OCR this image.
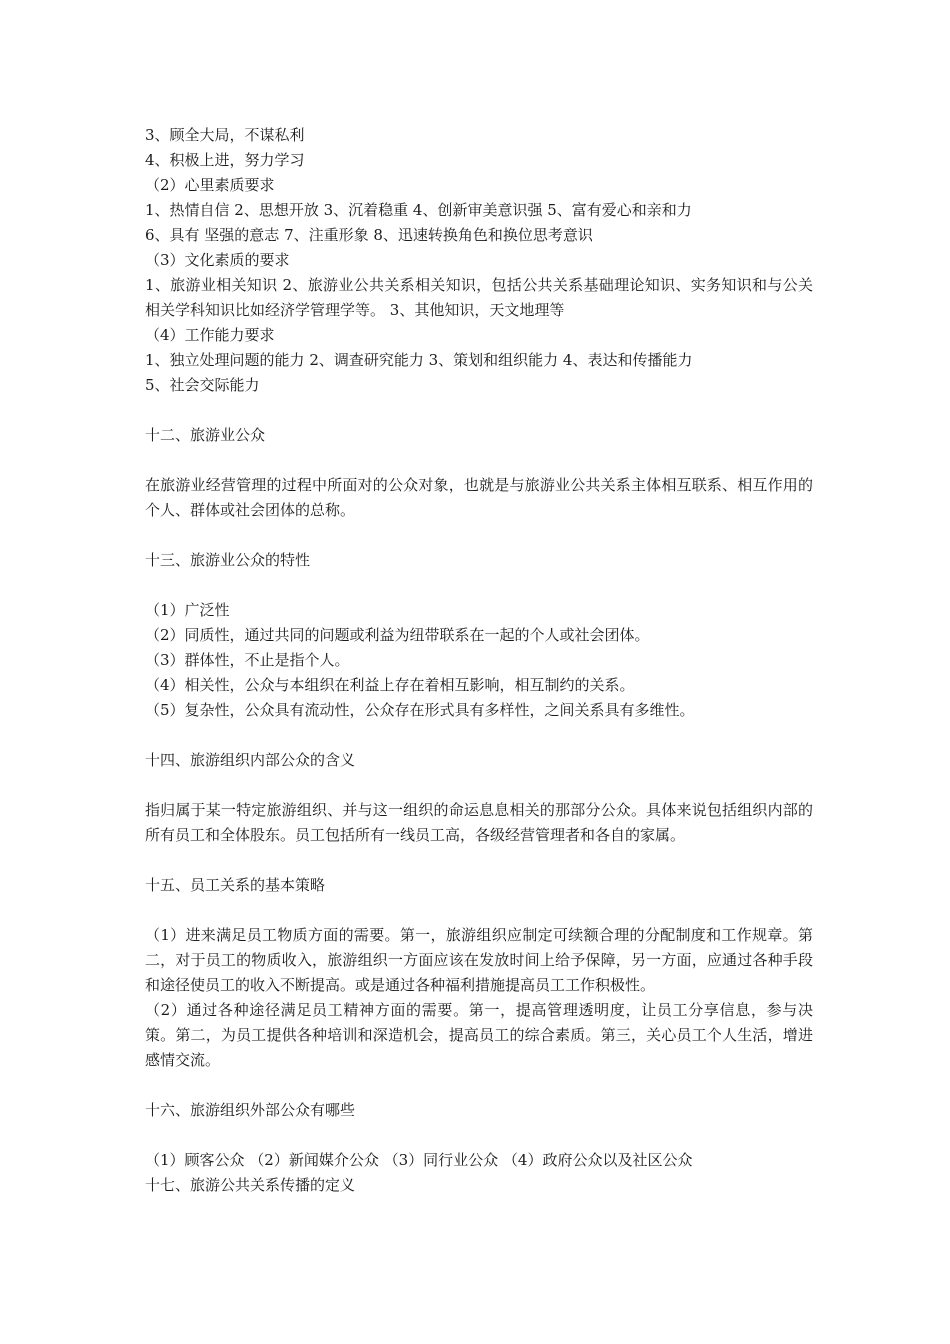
3、顾全大局，不谋私利
4、积极上进，努力学习
（2）心里素质要求
1、热情自信 2、思想开放 3、沉着稳重 4、创新审美意识强 5、富有爱心和亲和力
6、具有 坚强的意志 7、注重形象 8、迅速转换角色和换位思考意识
（3）文化素质的要求
1、旅游业相关知识 2、旅游业公共关系相关知识，包括公共关系基础理论知识、实务知识和与公关相关学科知识比如经济学管理学等。 3、其他知识，天文地理等
（4）工作能力要求
1、独立处理问题的能力 2、调查研究能力 3、策划和组织能力 4、表达和传播能力
5、社会交际能力
十二、旅游业公众
在旅游业经营管理的过程中所面对的公众对象，也就是与旅游业公共关系主体相互联系、相互作用的个人、群体或社会团体的总称。
十三、旅游业公众的特性
（1）广泛性
（2）同质性，通过共同的问题或利益为纽带联系在一起的个人或社会团体。
（3）群体性，不止是指个人。
（4）相关性，公众与本组织在利益上存在着相互影响，相互制约的关系。
（5）复杂性，公众具有流动性，公众存在形式具有多样性，之间关系具有多维性。
十四、旅游组织内部公众的含义
指归属于某一特定旅游组织、并与这一组织的命运息息相关的那部分公众。具体来说包括组织内部的所有员工和全体股东。员工包括所有一线员工高，各级经营管理者和各自的家属。
十五、员工关系的基本策略
（1）进来满足员工物质方面的需要。第一，旅游组织应制定可续额合理的分配制度和工作规章。第二，对于员工的物质收入，旅游组织一方面应该在发放时间上给予保障，另一方面，应通过各种手段和途径使员工的收入不断提高。或是通过各种福利措施提高员工工作积极性。
（2）通过各种途径满足员工精神方面的需要。第一，提高管理透明度，让员工分享信息，参与决策。第二，为员工提供各种培训和深造机会，提高员工的综合素质。第三，关心员工个人生活，增进感情交流。
十六、旅游组织外部公众有哪些
（1）顾客公众 （2）新闻媒介公众 （3）同行业公众 （4）政府公众以及社区公众
十七、旅游公共关系传播的定义
